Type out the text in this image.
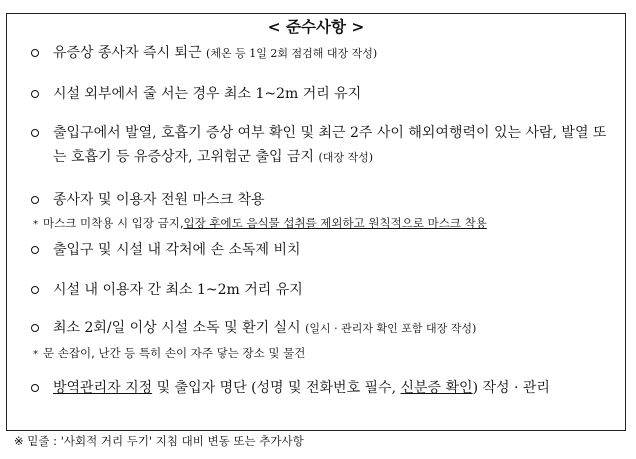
< 준수사항 >
유증상 종사자 즉시 퇴근 (체온 등 1일 2회 점검해 대장 작성)
시설 외부에서 줄 서는 경우 최소 1~2m 거리 유지
출입구에서 발열, 호흡기 증상 여부 확인 및 최근 2주 사이 해외여행력이 있는 사람, 발열 또는 호흡기 등 유증상자, 고위험군 출입 금지 (대장 작성)
종사자 및 이용자 전원 마스크 착용
* 마스크 미착용 시 입장 금지,입장 후에도 음식물 섭취를 제외하고 원칙적으로 마스크 착용
출입구 및 시설 내 각처에 손 소독제 비치
시설 내 이용자 간 최소 1~2m 거리 유지
최소 2회/일 이상 시설 소독 및 환기 실시 (일시 · 관리자 확인 포함 대장 작성)
* 문 손잡이, 난간 등 특히 손이 자주 닿는 장소 및 물건
방역관리자 지정 및 출입자 명단 (성명 및 전화번호 필수, 신분증 확인) 작성 · 관리
※ 밑줄 : '사회적 거리 두기' 지침 대비 변동 또는 추가사항
